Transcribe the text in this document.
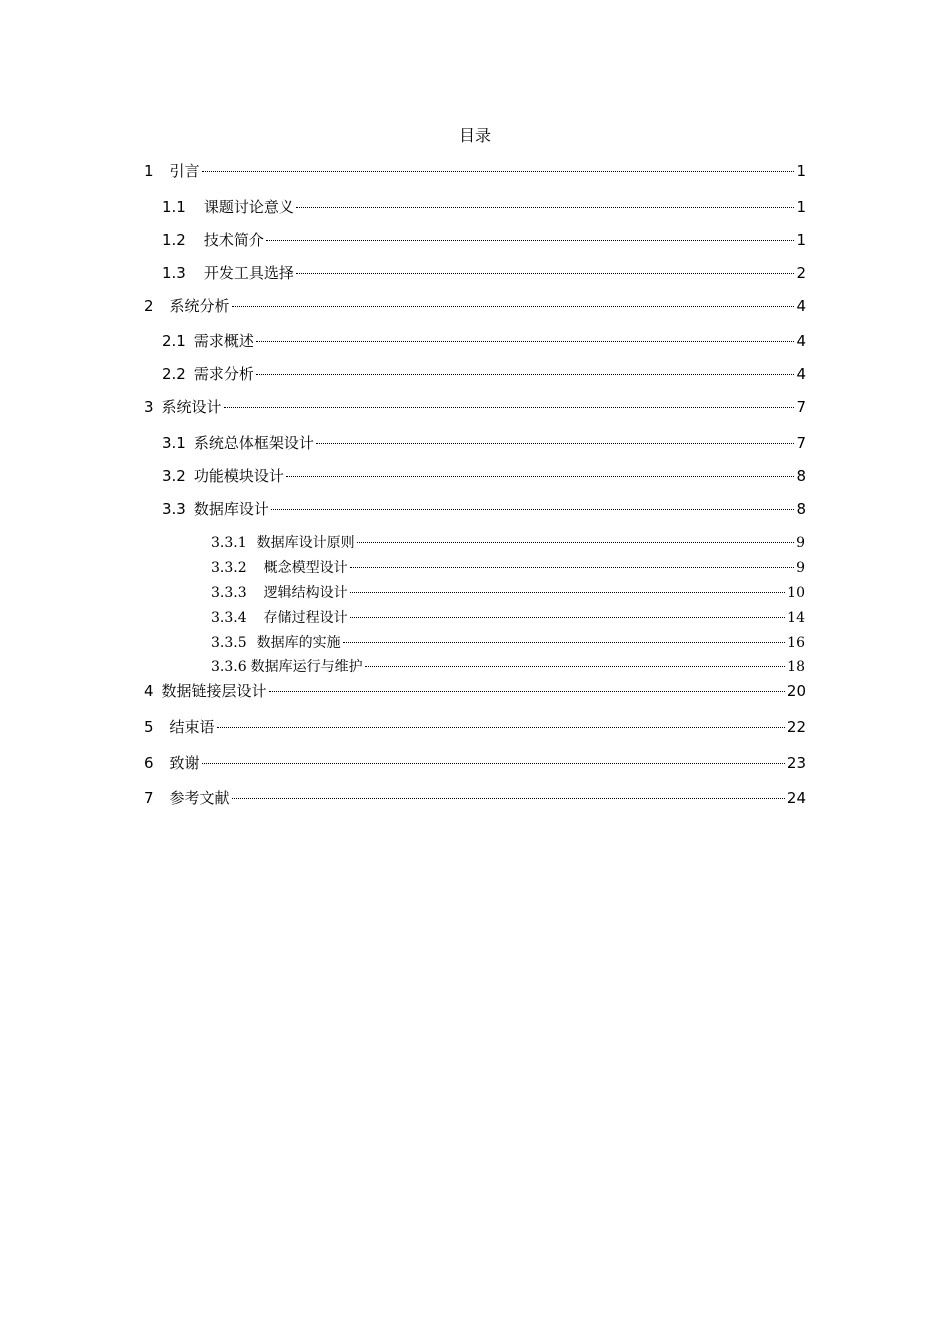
目录
1 引言	1
1.1 课题讨论意义	1
1.2 技术简介	1
1.3 开发工具选择	2
2 系统分析	4
2.1 需求概述	4
2.2 需求分析	4
3 系统设计	7
3.1 系统总体框架设计	7
3.2 功能模块设计	8
3.3 数据库设计	8
3.3.1 数据库设计原则	9
3.3.2 概念模型设计	9
3.3.3 逻辑结构设计	10
3.3.4 存储过程设计	14
3.3.5 数据库的实施	16
3.3.6 数据库运行与维护	18
4 数据链接层设计	20
5 结束语	22
6 致谢	23
7 参考文献	24
